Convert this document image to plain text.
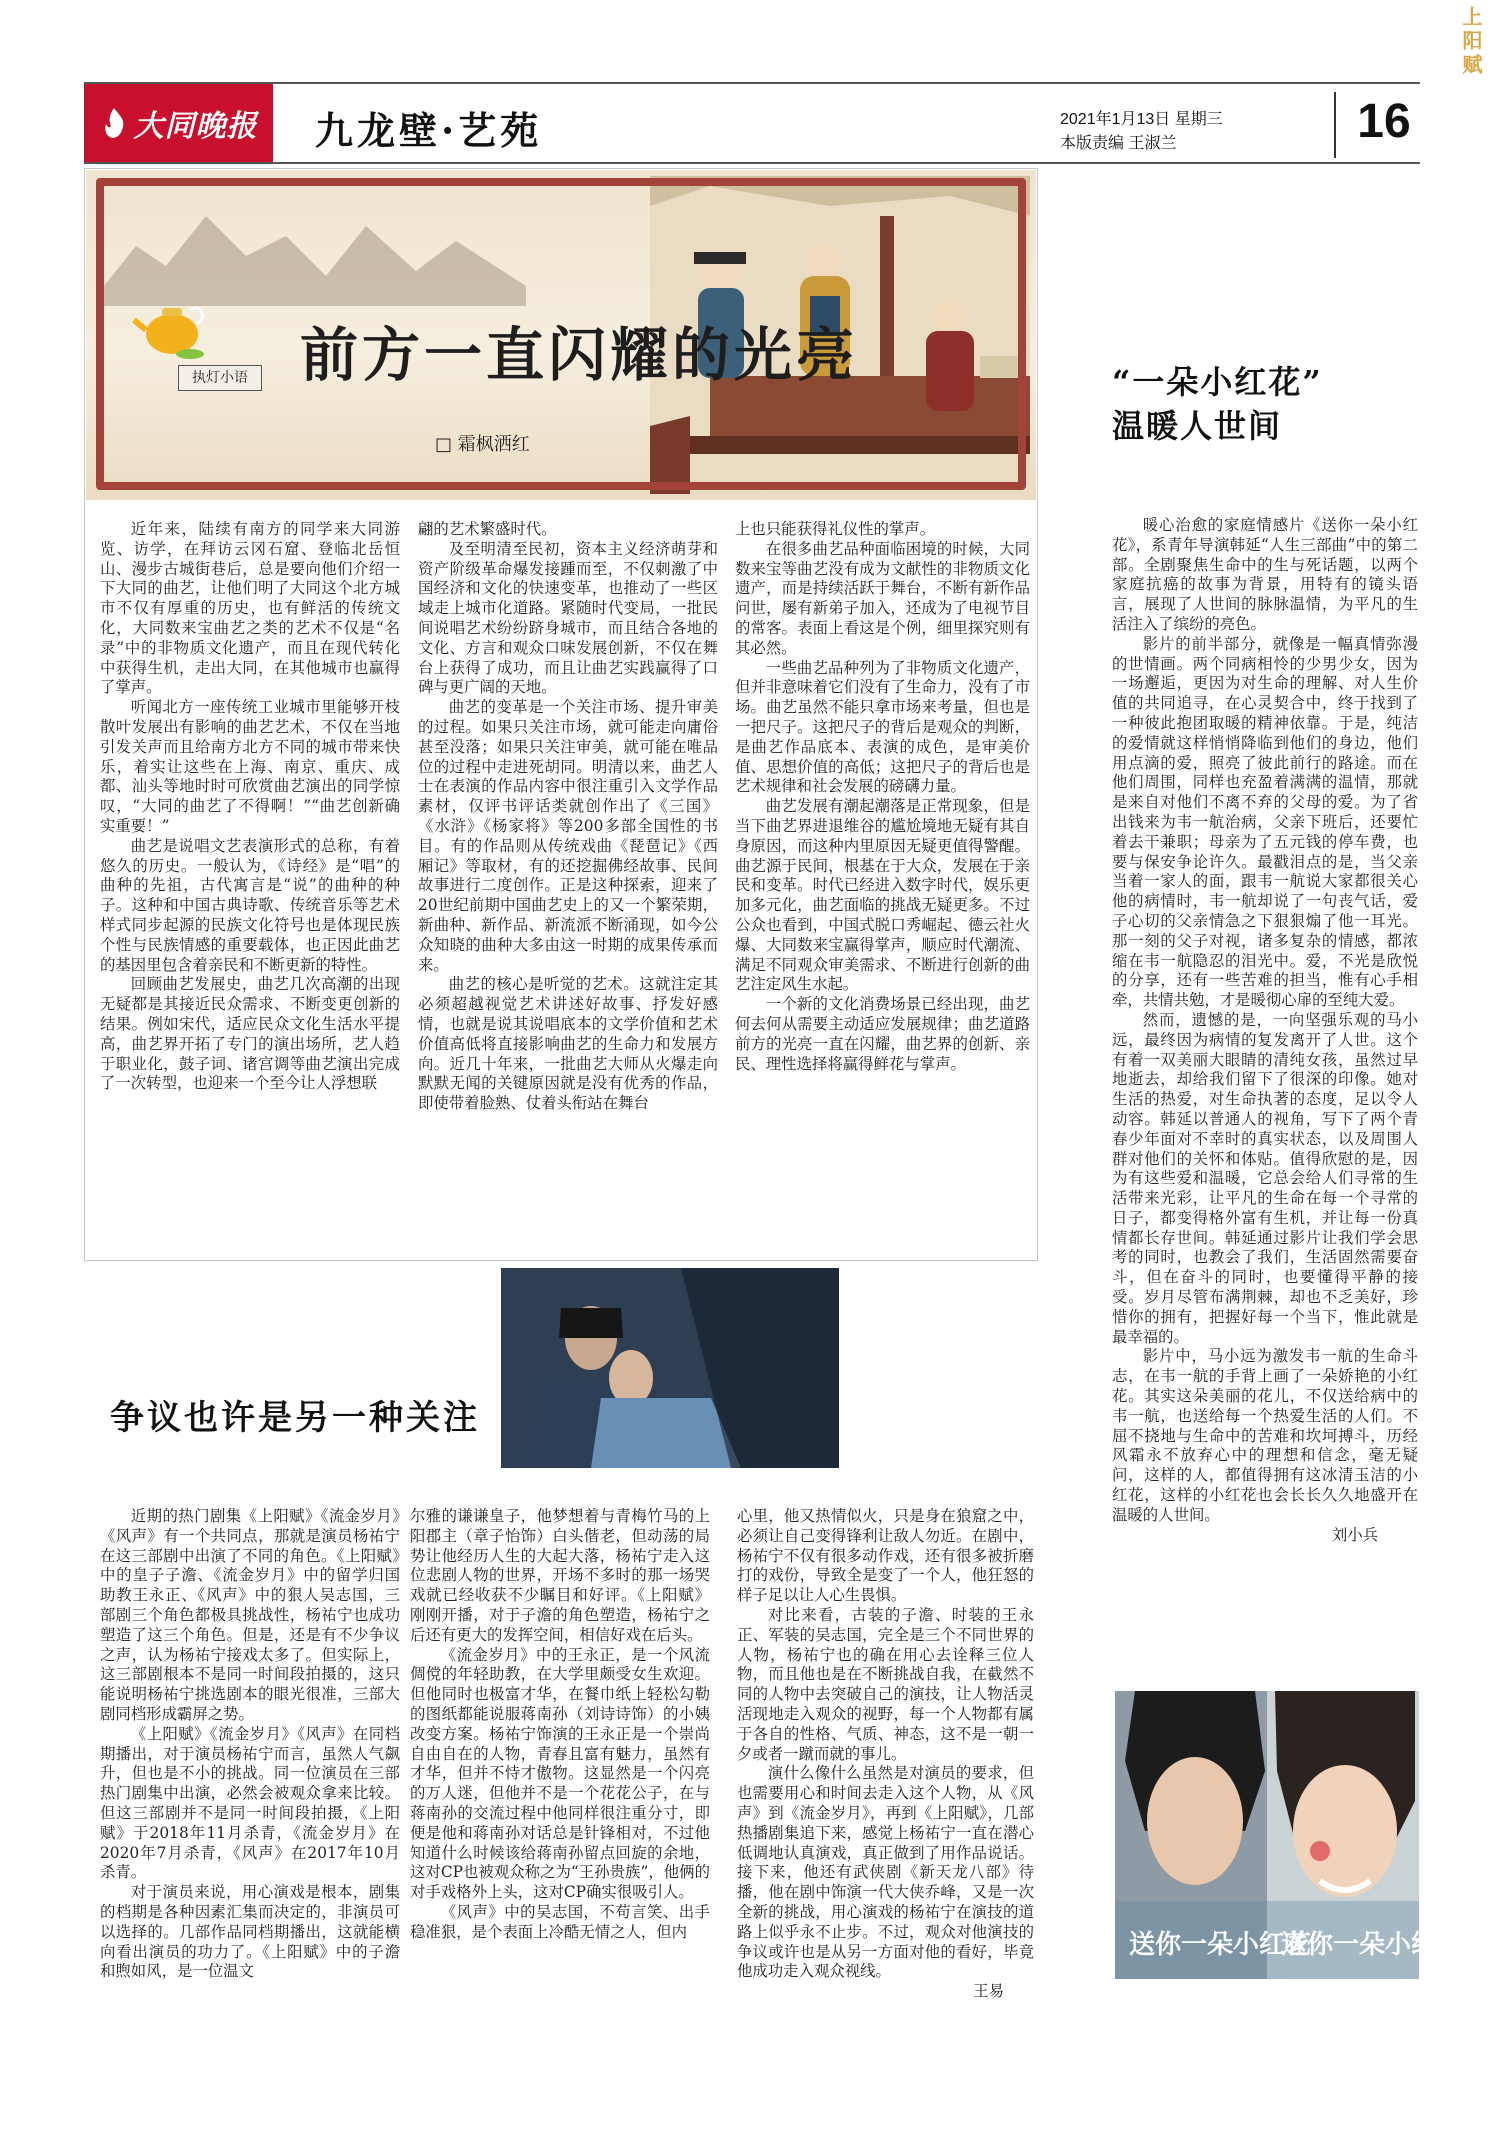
大同晚报 九龙壁·艺苑	2021年1月13日 星期三
本版责编 王淑兰	16
执灯小语 前方一直闪耀的光亮
□ 霜枫洒红

近年来，陆续有南方的同学来大同游览、访学，在拜访云冈石窟、登临北岳恒山、漫步古城街巷后，总是要向他们介绍一下大同的曲艺，让他们明了大同这个北方城市不仅有厚重的历史，也有鲜活的传统文化，大同数来宝曲艺之类的艺术不仅是“名录”中的非物质文化遗产，而且在现代转化中获得生机，走出大同，在其他城市也赢得了掌声。

听闻北方一座传统工业城市里能够开枝散叶发展出有影响的曲艺艺术，不仅在当地引发关声而且给南方北方不同的城市带来快乐，着实让这些在上海、南京、重庆、成都、汕头等地时时可欣赏曲艺演出的同学惊叹，“大同的曲艺了不得啊！”“曲艺创新确实重要！”

曲艺是说唱文艺表演形式的总称，有着悠久的历史。一般认为，《诗经》是“唱”的曲种的先祖，古代寓言是“说”的曲种的种子。这种和中国古典诗歌、传统音乐等艺术样式同步起源的民族文化符号也是体现民族个性与民族情感的重要载体，也正因此曲艺的基因里包含着亲民和不断更新的特性。

回顾曲艺发展史，曲艺几次高潮的出现无疑都是其接近民众需求、不断变更创新的结果。例如宋代，适应民众文化生活水平提高，曲艺界开拓了专门的演出场所，艺人趋于职业化，鼓子词、诸宫调等曲艺演出完成了一次转型，也迎来一个至今让人浮想联

翩的艺术繁盛时代。

及至明清至民初，资本主义经济萌芽和资产阶级革命爆发接踵而至，不仅刺激了中国经济和文化的快速变革，也推动了一些区域走上城市化道路。紧随时代变局，一批民间说唱艺术纷纷跻身城市，而且结合各地的文化、方言和观众口味发展创新，不仅在舞台上获得了成功，而且让曲艺实践赢得了口碑与更广阔的天地。

曲艺的变革是一个关注市场、提升审美的过程。如果只关注市场，就可能走向庸俗甚至没落；如果只关注审美，就可能在唯品位的过程中走进死胡同。明清以来，曲艺人士在表演的作品内容中很注重引入文学作品素材，仅评书评话类就创作出了《三国》《水浒》《杨家将》等200多部全国性的书目。有的作品则从传统戏曲《琵琶记》《西厢记》等取材，有的还挖掘佛经故事、民间故事进行二度创作。正是这种探索，迎来了20世纪前期中国曲艺史上的又一个繁荣期，新曲种、新作品、新流派不断涌现，如今公众知晓的曲种大多由这一时期的成果传承而来。

曲艺的核心是听觉的艺术。这就注定其必须超越视觉艺术讲述好故事、抒发好感情，也就是说其说唱底本的文学价值和艺术价值高低将直接影响曲艺的生命力和发展方向。近几十年来，一批曲艺大师从火爆走向默默无闻的关键原因就是没有优秀的作品，即使带着脸熟、仗着头衔站在舞台

上也只能获得礼仪性的掌声。

在很多曲艺品种面临困境的时候，大同数来宝等曲艺没有成为文献性的非物质文化遗产，而是持续活跃于舞台，不断有新作品问世，屡有新弟子加入，还成为了电视节目的常客。表面上看这是个例，细里探究则有其必然。

一些曲艺品种列为了非物质文化遗产，但并非意味着它们没有了生命力，没有了市场。曲艺虽然不能只拿市场来考量，但也是一把尺子。这把尺子的背后是观众的判断，是曲艺作品底本、表演的成色，是审美价值、思想价值的高低；这把尺子的背后也是艺术规律和社会发展的磅礴力量。

曲艺发展有潮起潮落是正常现象，但是当下曲艺界进退维谷的尴尬境地无疑有其自身原因，而这种内里原因无疑更值得警醒。曲艺源于民间，根基在于大众，发展在于亲民和变革。时代已经进入数字时代，娱乐更加多元化，曲艺面临的挑战无疑更多。不过公众也看到，中国式脱口秀崛起、德云社火爆、大同数来宝赢得掌声，顺应时代潮流、满足不同观众审美需求、不断进行创新的曲艺注定风生水起。

一个新的文化消费场景已经出现，曲艺何去何从需要主动适应发展规律；曲艺道路前方的光亮一直在闪耀，曲艺界的创新、亲民、理性选择将赢得鲜花与掌声。

“一朵小红花”
温暖人世间

暖心治愈的家庭情感片《送你一朵小红花》，系青年导演韩延“人生三部曲”中的第二部。全剧聚焦生命中的生与死话题，以两个家庭抗癌的故事为背景，用特有的镜头语言，展现了人世间的脉脉温情，为平凡的生活注入了缤纷的亮色。

影片的前半部分，就像是一幅真情弥漫的世情画。两个同病相怜的少男少女，因为一场邂逅，更因为对生命的理解、对人生价值的共同追寻，在心灵契合中，终于找到了一种彼此抱团取暖的精神依靠。于是，纯洁的爱情就这样悄悄降临到他们的身边，他们用点滴的爱，照亮了彼此前行的路途。而在他们周围，同样也充盈着满满的温情，那就是来自对他们不离不弃的父母的爱。为了省出钱来为韦一航治病，父亲下班后，还要忙着去干兼职；母亲为了五元钱的停车费，也要与保安争论许久。最戳泪点的是，当父亲当着一家人的面，跟韦一航说大家都很关心他的病情时，韦一航却说了一句丧气话，爱子心切的父亲情急之下狠狠煽了他一耳光。那一刻的父子对视，诸多复杂的情感，都浓缩在韦一航隐忍的泪光中。爱，不光是欣悦的分享，还有一些苦难的担当，惟有心手相牵，共情共勉，才是暖彻心扉的至纯大爱。

然而，遗憾的是，一向坚强乐观的马小远，最终因为病情的复发离开了人世。这个有着一双美丽大眼睛的清纯女孩，虽然过早地逝去，却给我们留下了很深的印像。她对生活的热爱，对生命执著的态度，足以令人动容。韩延以普通人的视角，写下了两个青春少年面对不幸时的真实状态，以及周围人群对他们的关怀和体贴。值得欣慰的是，因为有这些爱和温暖，它总会给人们寻常的生活带来光彩，让平凡的生命在每一个寻常的日子，都变得格外富有生机，并让每一份真情都长存世间。韩延通过影片让我们学会思考的同时，也教会了我们，生活固然需要奋斗，但在奋斗的同时，也要懂得平静的接受。岁月尽管布满荆棘，却也不乏美好，珍惜你的拥有，把握好每一个当下，惟此就是最幸福的。

影片中，马小远为激发韦一航的生命斗志，在韦一航的手背上画了一朵娇艳的小红花。其实这朵美丽的花儿，不仅送给病中的韦一航，也送给每一个热爱生活的人们。不屈不挠地与生命中的苦难和坎坷搏斗，历经风霜永不放弃心中的理想和信念，毫无疑问，这样的人，都值得拥有这冰清玉洁的小红花，这样的小红花也会长长久久地盛开在温暖的人世间。

刘小兵
送你一朵小红花
送你一朵小红花
上阳赋
争议也许是另一种关注

近期的热门剧集《上阳赋》《流金岁月》《风声》有一个共同点，那就是演员杨祐宁在这三部剧中出演了不同的角色。《上阳赋》中的皇子子澹、《流金岁月》中的留学归国助教王永正、《风声》中的狠人吴志国，三部剧三个角色都极具挑战性，杨祐宁也成功塑造了这三个角色。但是，还是有不少争议之声，认为杨祐宁接戏太多了。但实际上，这三部剧根本不是同一时间段拍摄的，这只能说明杨祐宁挑选剧本的眼光很准，三部大剧同档形成霸屏之势。

《上阳赋》《流金岁月》《风声》在同档期播出，对于演员杨祐宁而言，虽然人气飙升，但也是不小的挑战。同一位演员在三部热门剧集中出演，必然会被观众拿来比较。但这三部剧并不是同一时间段拍摄，《上阳赋》于2018年11月杀青，《流金岁月》在2020年7月杀青，《风声》在2017年10月杀青。

对于演员来说，用心演戏是根本，剧集的档期是各种因素汇集而决定的，非演员可以选择的。几部作品同档期播出，这就能横向看出演员的功力了。《上阳赋》中的子澹和煦如风，是一位温文

尔雅的谦谦皇子，他梦想着与青梅竹马的上阳郡主（章子怡饰）白头偕老，但动荡的局势让他经历人生的大起大落，杨祐宁走入这位悲剧人物的世界，开场不多时的那一场哭戏就已经收获不少瞩目和好评。《上阳赋》刚刚开播，对于子澹的角色塑造，杨祐宁之后还有更大的发挥空间，相信好戏在后头。

《流金岁月》中的王永正，是一个风流倜傥的年轻助教，在大学里颇受女生欢迎。但他同时也极富才华，在餐巾纸上轻松勾勒的图纸都能说服蒋南孙（刘诗诗饰）的小姨改变方案。杨祐宁饰演的王永正是一个崇尚自由自在的人物，青春且富有魅力，虽然有才华，但并不恃才傲物。这显然是一个闪亮的万人迷，但他并不是一个花花公子，在与蒋南孙的交流过程中他同样很注重分寸，即便是他和蒋南孙对话总是针锋相对，不过他知道什么时候该给蒋南孙留点回旋的余地，这对CP也被观众称之为“王孙贵族”，他俩的对手戏格外上头，这对CP确实很吸引人。

《风声》中的吴志国，不苟言笑、出手稳准狠，是个表面上冷酷无情之人，但内

心里，他又热情似火，只是身在狼窟之中，必须让自己变得锋利让敌人勿近。在剧中，杨祐宁不仅有很多动作戏，还有很多被折磨打的戏份，导致全是变了一个人，他狂怒的样子足以让人心生畏惧。

对比来看，古装的子澹、时装的王永正、军装的吴志国，完全是三个不同世界的人物，杨祐宁也的确在用心去诠释三位人物，而且他也是在不断挑战自我，在截然不同的人物中去突破自己的演技，让人物活灵活现地走入观众的视野，每一个人物都有属于各自的性格、气质、神态，这不是一朝一夕或者一蹴而就的事儿。

演什么像什么虽然是对演员的要求，但也需要用心和时间去走入这个人物，从《风声》到《流金岁月》，再到《上阳赋》，几部热播剧集追下来，感觉上杨祐宁一直在潜心低调地认真演戏，真正做到了用作品说话。接下来，他还有武侠剧《新天龙八部》待播，他在剧中饰演一代大侠乔峰，又是一次全新的挑战，用心演戏的杨祐宁在演技的道路上似乎永不止步。不过，观众对他演技的争议或许也是从另一方面对他的看好，毕竟他成功走入观众视线。

王易
